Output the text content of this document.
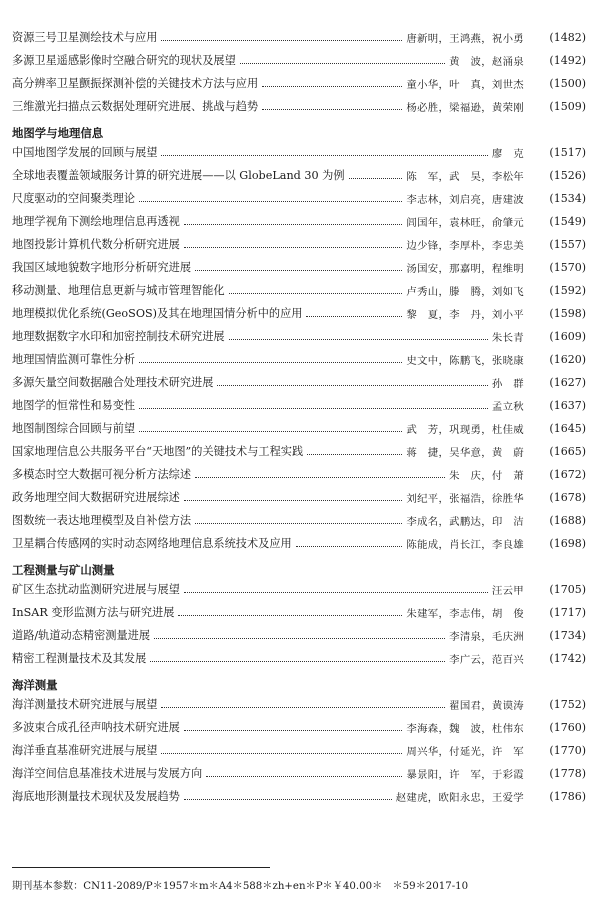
资源三号卫星测绘技术与应用	唐新明，王鸿燕，祝小勇	(1482)
多源卫星遥感影像时空融合研究的现状及展望	黄　波，赵涌泉	(1492)
高分辨率卫星颤振探测补偿的关键技术方法与应用	童小华，叶　真，刘世杰	(1500)
三维激光扫描点云数据处理研究进展、挑战与趋势	杨必胜，梁福逊，黄荣刚	(1509)
地图学与地理信息
中国地图学发展的回顾与展望	廖　克	(1517)
全球地表覆盖领域服务计算的研究进展——以 GlobeLand 30 为例	陈　军，武　昊，李松年	(1526)
尺度驱动的空间聚类理论	李志林，刘启亮，唐建波	(1534)
地理学视角下测绘地理信息再透视	闾国年，袁林旺，俞肇元	(1549)
地图投影计算机代数分析研究进展	边少锋，李厚朴，李忠美	(1557)
我国区域地貌数字地形分析研究进展	汤国安，那嘉明，程维明	(1570)
移动测量、地理信息更新与城市管理智能化	卢秀山，滕　腾，刘如飞	(1592)
地理模拟优化系统(GeoSOS)及其在地理国情分析中的应用	黎　夏，李　丹，刘小平	(1598)
地理数据数字水印和加密控制技术研究进展	朱长青	(1609)
地理国情监测可靠性分析	史文中，陈鹏飞，张晓康	(1620)
多源矢量空间数据融合处理技术研究进展	孙　群	(1627)
地图学的恒常性和易变性	孟立秋	(1637)
地图制图综合回顾与前望	武　芳，巩现勇，杜佳威	(1645)
国家地理信息公共服务平台“天地图”的关键技术与工程实践	蒋　捷，吴华意，黄　蔚	(1665)
多模态时空大数据可视分析方法综述	朱　庆，付　萧	(1672)
政务地理空间大数据研究进展综述	刘纪平，张福浩，徐胜华	(1678)
图数统一表达地理模型及自补偿方法	李成名，武鹏达，印　洁	(1688)
卫星耦合传感网的实时动态网络地理信息系统技术及应用	陈能成，肖长江，李良雄	(1698)
工程测量与矿山测量
矿区生态扰动监测研究进展与展望	汪云甲	(1705)
InSAR 变形监测方法与研究进展	朱建军，李志伟，胡　俊	(1717)
道路/轨道动态精密测量进展	李清泉，毛庆洲	(1734)
精密工程测量技术及其发展	李广云，范百兴	(1742)
海洋测量
海洋测量技术研究进展与展望	翟国君，黄谟涛	(1752)
多波束合成孔径声呐技术研究进展	李海森，魏　波，杜伟东	(1760)
海洋垂直基准研究进展与展望	周兴华，付延光，许　军	(1770)
海洋空间信息基准技术进展与发展方向	暴景阳，许　军，于彩霞	(1778)
海底地形测量技术现状及发展趋势	赵建虎，欧阳永忠，王爱学	(1786)
期刊基本参数：CN11-2089/P＊1957＊m＊A4＊588＊zh+en＊P＊￥40.00＊　＊59＊2017-10
